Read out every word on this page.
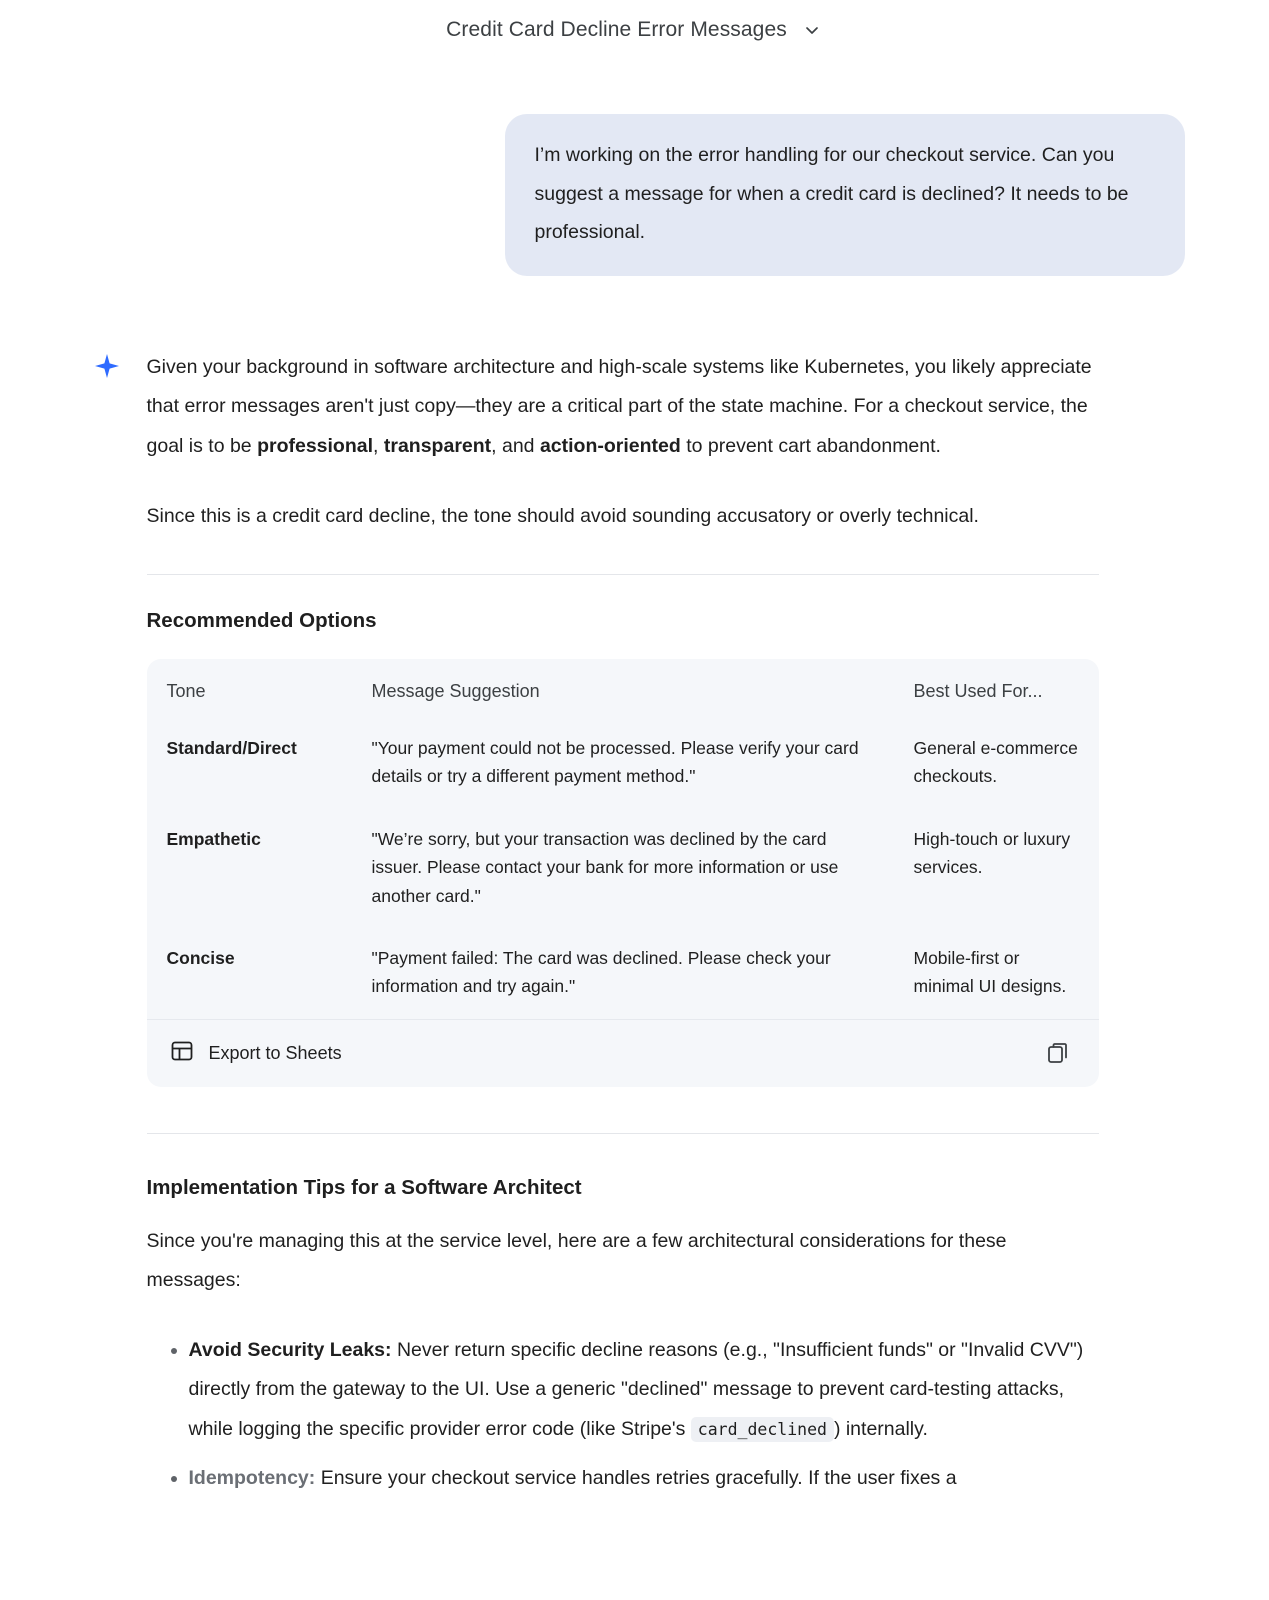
Credit Card Decline Error Messages
I’m working on the error handling for our checkout service. Can you suggest a message for when a credit card is declined? It needs to be professional.

Given your background in software architecture and high-scale systems like Kubernetes, you likely appreciate that error messages aren't just copy—they are a critical part of the state machine. For a checkout service, the goal is to be professional, transparent, and action-oriented to prevent cart abandonment.

Since this is a credit card decline, the tone should avoid sounding accusatory or overly technical.

Recommended Options
Tone	Message Suggestion	Best Used For...
Standard/Direct	"Your payment could not be processed. Please verify your card details or try a different payment method."	General e-commerce checkouts.
Empathetic	"We’re sorry, but your transaction was declined by the card issuer. Please contact your bank for more information or use another card."	High-touch or luxury services.
Concise	"Payment failed: The card was declined. Please check your information and try again."	Mobile-first or minimal UI designs.
Export to Sheets
Implementation Tips for a Software Architect

Since you're managing this at the service level, here are a few architectural considerations for these messages:

• Avoid Security Leaks: Never return specific decline reasons (e.g., "Insufficient funds" or "Invalid CVV") directly from the gateway to the UI. Use a generic "declined" message to prevent card-testing attacks, while logging the specific provider error code (like Stripe's card_declined ) internally.
• Idempotency: Ensure your checkout service handles retries gracefully. If the user fixes a
